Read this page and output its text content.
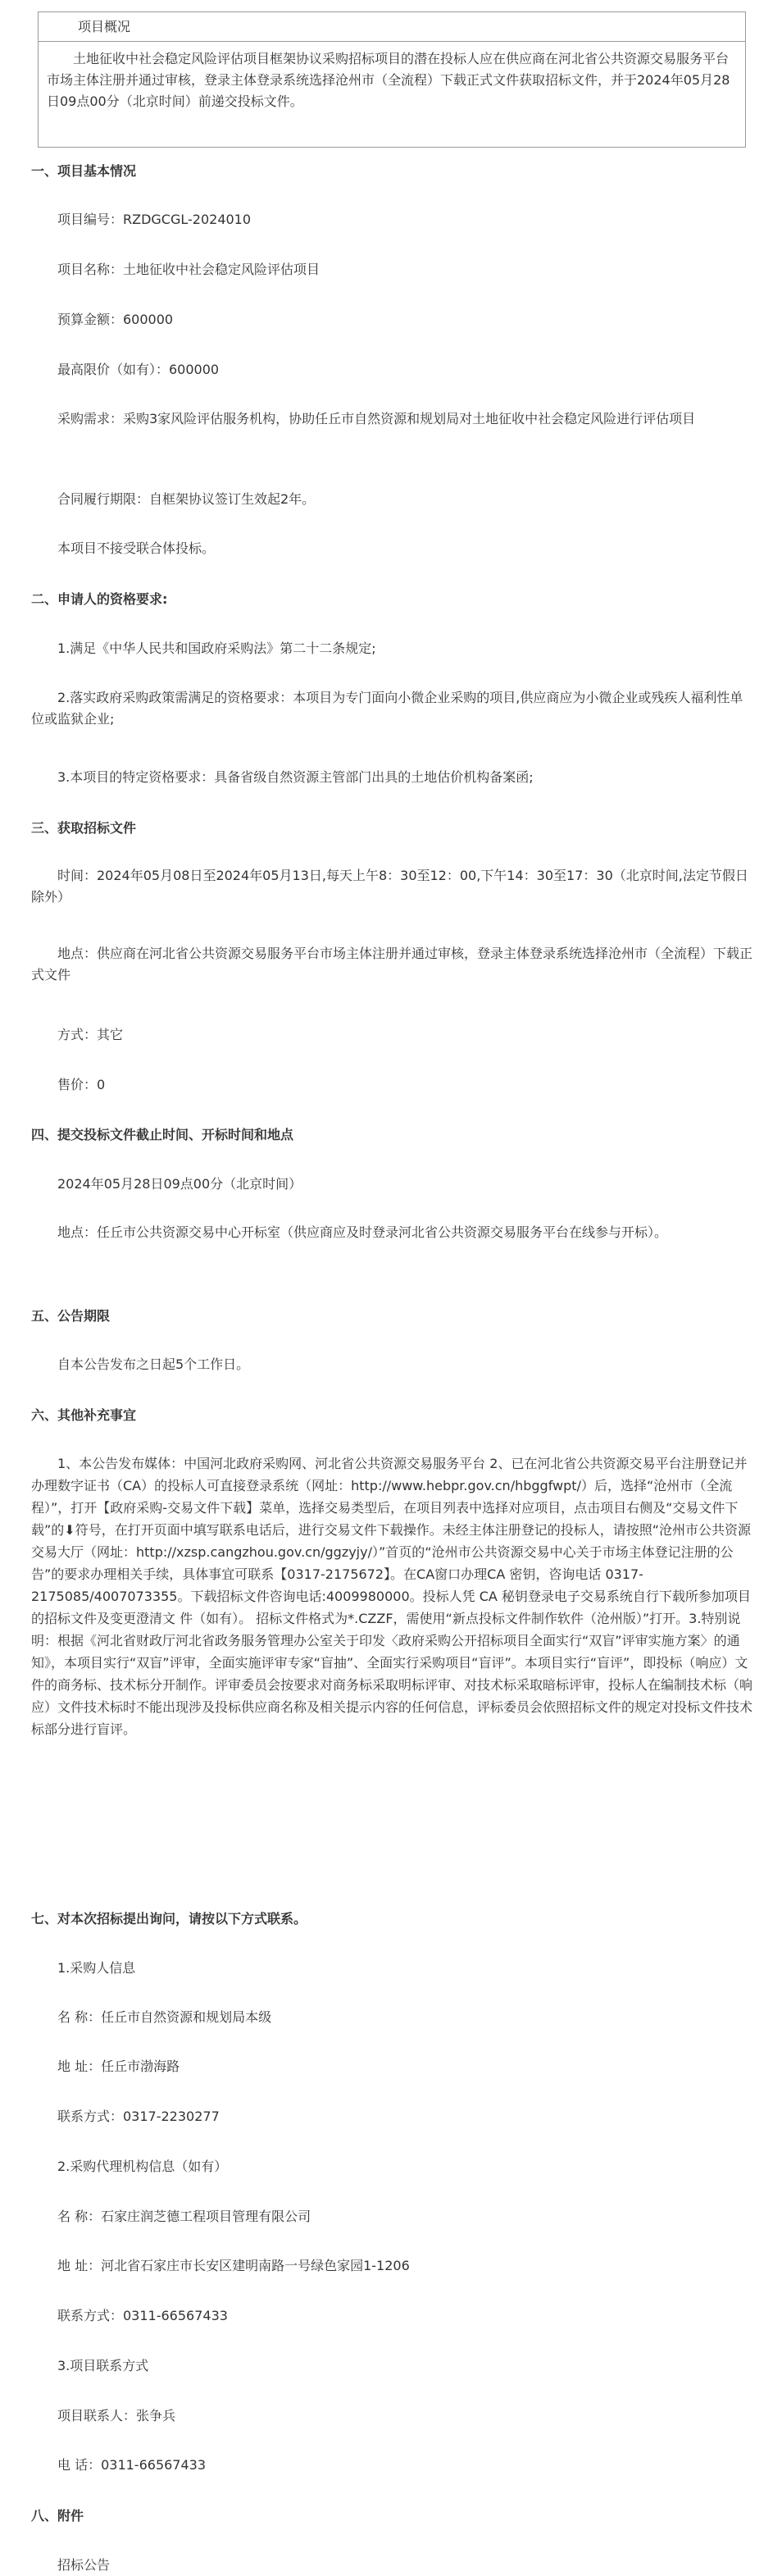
项目概况
土地征收中社会稳定风险评估项目框架协议采购招标项目的潜在投标人应在供应商在河北省公共资源交易服务平台市场主体注册并通过审核，登录主体登录系统选择沧州市（全流程）下载正式文件获取招标文件，并于2024年05月28日09点00分（北京时间）前递交投标文件。
一、项目基本情况
项目编号：RZDGCGL-2024010
项目名称：土地征收中社会稳定风险评估项目
预算金额：600000
最高限价（如有）：600000
采购需求：采购3家风险评估服务机构，协助任丘市自然资源和规划局对土地征收中社会稳定风险进行评估项目
合同履行期限：自框架协议签订生效起2年。
本项目不接受联合体投标。
二、申请人的资格要求:
1.满足《中华人民共和国政府采购法》第二十二条规定;
2.落实政府采购政策需满足的资格要求：本项目为专门面向小微企业采购的项目,供应商应为小微企业或残疾人福利性单位或监狱企业;
3.本项目的特定资格要求：具备省级自然资源主管部门出具的土地估价机构备案函;
三、获取招标文件
时间：2024年05月08日至2024年05月13日,每天上午8：30至12：00,下午14：30至17：30（北京时间,法定节假日除外）
地点：供应商在河北省公共资源交易服务平台市场主体注册并通过审核，登录主体登录系统选择沧州市（全流程）下载正式文件
方式：其它
售价：0
四、提交投标文件截止时间、开标时间和地点
2024年05月28日09点00分（北京时间）
地点：任丘市公共资源交易中心开标室（供应商应及时登录河北省公共资源交易服务平台在线参与开标）。
五、公告期限
自本公告发布之日起5个工作日。
六、其他补充事宜
1、本公告发布媒体：中国河北政府采购网、河北省公共资源交易服务平台 2、已在河北省公共资源交易平台注册登记并办理数字证书（CA）的投标人可直接登录系统（网址：http://www.hebpr.gov.cn/hbggfwpt/）后，选择“沧州市（全流程）”，打开【政府采购-交易文件下载】菜单，选择交易类型后，在项目列表中选择对应项目，点击项目右侧及“交易文件下载”的⬇符号，在打开页面中填写联系电话后，进行交易文件下载操作。未经主体注册登记的投标人，请按照“沧州市公共资源交易大厅（网址：http://xzsp.cangzhou.gov.cn/ggzyjy/）”首页的“沧州市公共资源交易中心关于市场主体登记注册的公告”的要求办理相关手续，具体事宜可联系【0317-2175672】。在CA窗口办理CA 密钥，咨询电话 0317-2175085/4007073355。下载招标文件咨询电话:4009980000。投标人凭 CA 秘钥登录电子交易系统自行下载所参加项目的招标文件及变更澄清文 件（如有）。 招标文件格式为*.CZZF，需使用“新点投标文件制作软件（沧州版）”打开。3.特别说明：根据《河北省财政厅河北省政务服务管理办公室关于印发〈政府采购公开招标项目全面实行“双盲”评审实施方案〉的通知》，本项目实行“双盲”评审，全面实施评审专家“盲抽”、全面实行采购项目“盲评”。本项目实行“盲评”，即投标（响应）文件的商务标、技术标分开制作。评审委员会按要求对商务标采取明标评审、对技术标采取暗标评审，投标人在编制技术标（响应）文件技术标时不能出现涉及投标供应商名称及相关提示内容的任何信息，评标委员会依照招标文件的规定对投标文件技术标部分进行盲评。
七、对本次招标提出询问，请按以下方式联系。
1.采购人信息
名 称：任丘市自然资源和规划局本级
地 址：任丘市渤海路
联系方式：0317-2230277
2.采购代理机构信息（如有）
名 称：石家庄润芝德工程项目管理有限公司
地 址：河北省石家庄市长安区建明南路一号绿色家园1-1206
联系方式：0311-66567433
3.项目联系方式
项目联系人：张争兵
电 话：0311-66567433
八、附件
招标公告
